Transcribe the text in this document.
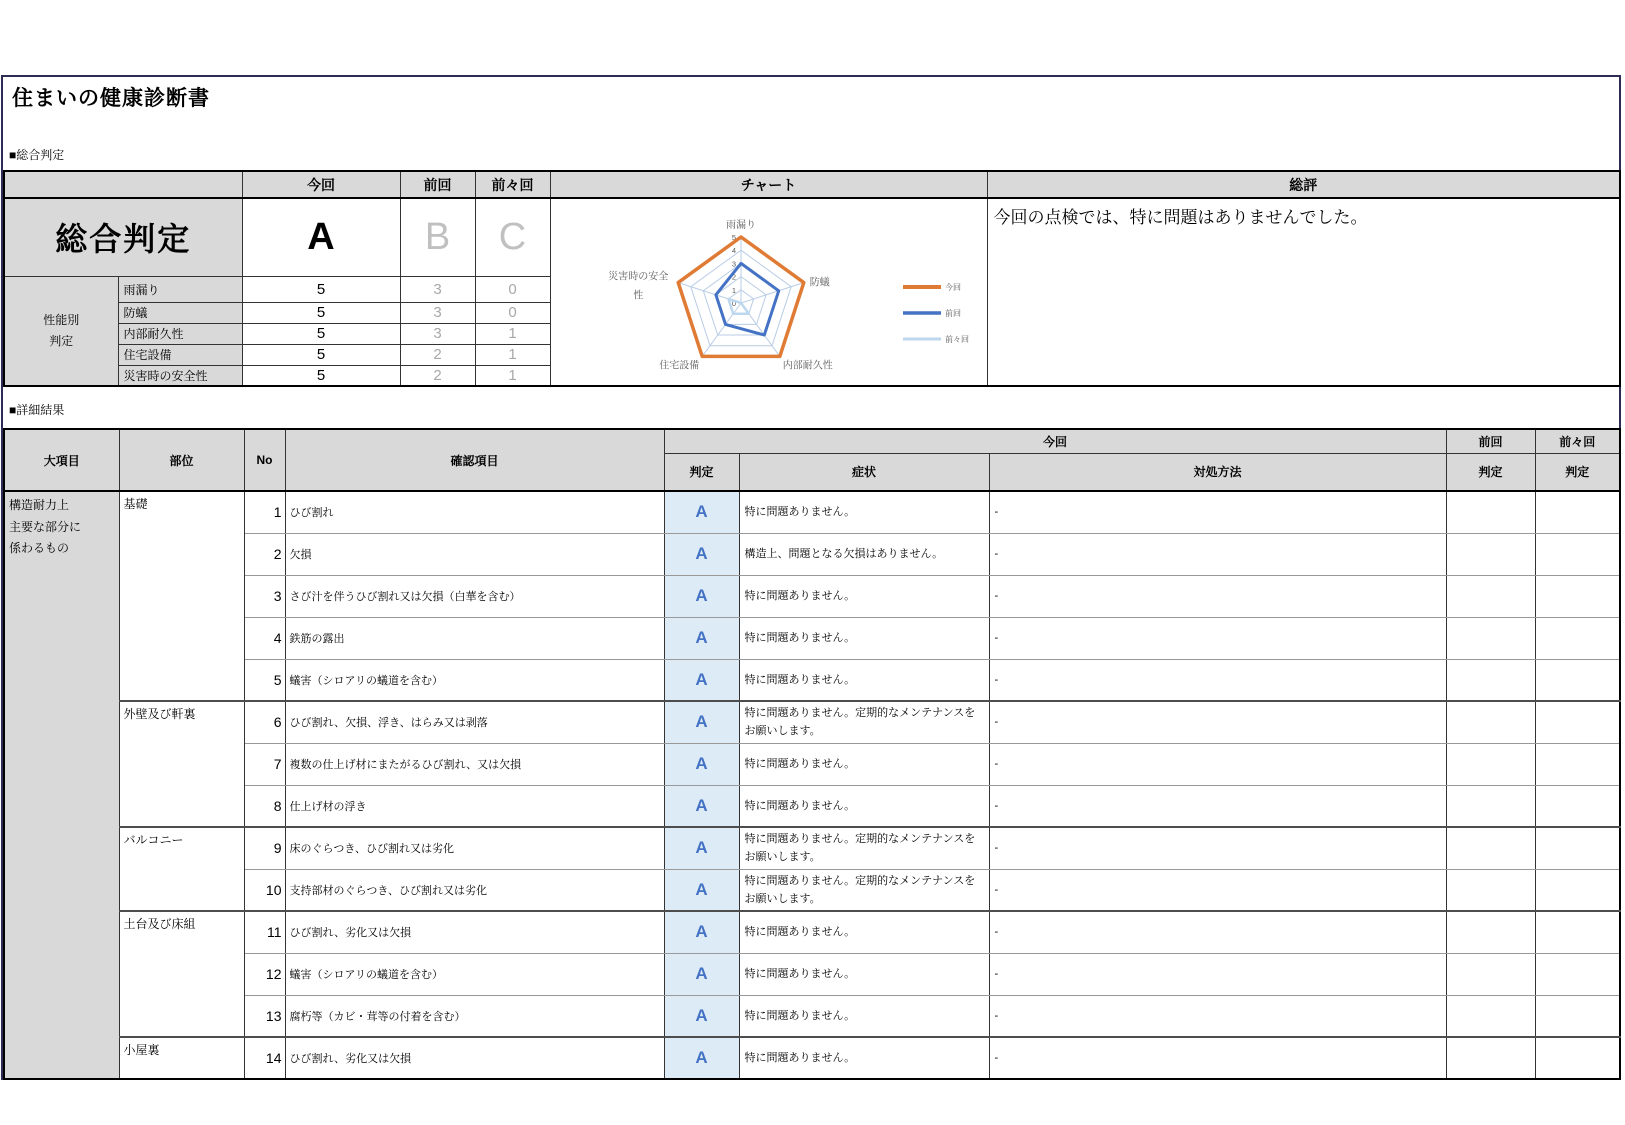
住まいの健康診断書
■総合判定
■詳細結果
		今回	前回	前々回	チャート	総評
総合判定	A	B	C	
0
1
2
3
4
5
雨漏り
防蟻
内部耐久性
住宅設備
災害時の安全
性
今回
前回
前々回
	今回の点検では、特に問題はありませんでした。

性能別
判定	雨漏り	5	3	0		
	防蟻	5	3	0		
	内部耐久性	5	3	1		
	住宅設備	5	2	1		
	災害時の安全性	5	2	1		
大項目	部位	No	確認項目	今回			前回	前々回
				判定	症状	対処方法	判定	判定

構造耐力上
主要な部分に
係わるもの	基礎	1	ひび割れ	A	特に問題ありません。	-		
		2	欠損	A	構造上、問題となる欠損はありません。	-		
		3	さび汁を伴うひび割れ又は欠損（白華を含む）	A	特に問題ありません。	-		
		4	鉄筋の露出	A	特に問題ありません。	-		
		5	蟻害（シロアリの蟻道を含む）	A	特に問題ありません。	-		
	外壁及び軒裏	6	ひび割れ、欠損、浮き、はらみ又は剥落	A	特に問題ありません。定期的なメンテナンスをお願いします。	-		
		7	複数の仕上げ材にまたがるひび割れ、又は欠損	A	特に問題ありません。	-		
		8	仕上げ材の浮き	A	特に問題ありません。	-		
	バルコニー	9	床のぐらつき、ひび割れ又は劣化	A	特に問題ありません。定期的なメンテナンスをお願いします。	-		
		10	支持部材のぐらつき、ひび割れ又は劣化	A	特に問題ありません。定期的なメンテナンスをお願いします。	-		
	土台及び床組	11	ひび割れ、劣化又は欠損	A	特に問題ありません。	-		
		12	蟻害（シロアリの蟻道を含む）	A	特に問題ありません。	-		
		13	腐朽等（カビ・茸等の付着を含む）	A	特に問題ありません。	-		
	小屋裏	14	ひび割れ、劣化又は欠損	A	特に問題ありません。	-		
